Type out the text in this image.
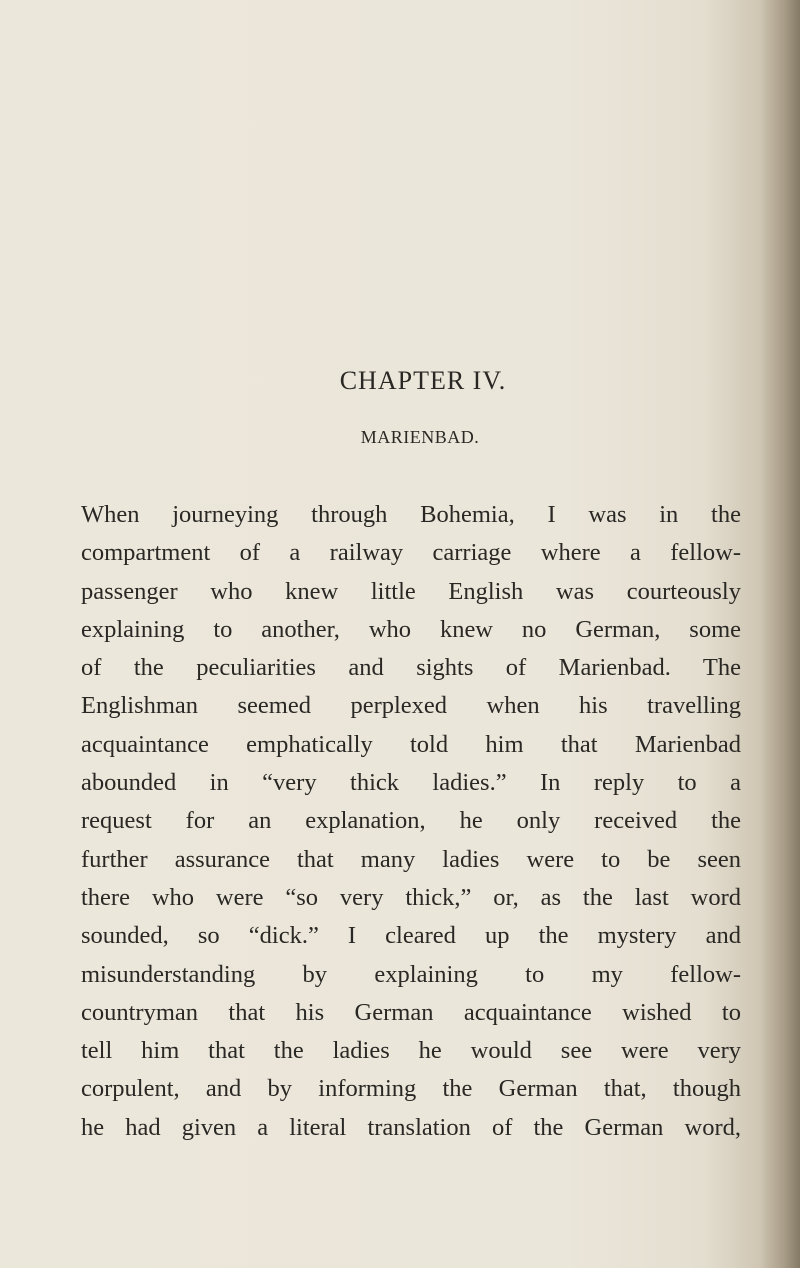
CHAPTER IV.
MARIENBAD.
When journeying through Bohemia, I was in the
compartment of a railway carriage where a fellow-
passenger who knew little English was courteously
explaining to another, who knew no German, some
of the peculiarities and sights of Marienbad. The
Englishman seemed perplexed when his travelling
acquaintance emphatically told him that Marienbad
abounded in “very thick ladies.” In reply to a
request for an explanation, he only received the
further assurance that many ladies were to be seen
there who were “so very thick,” or, as the last word
sounded, so “dick.” I cleared up the mystery and
misunderstanding by explaining to my fellow-
countryman that his German acquaintance wished to
tell him that the ladies he would see were very
corpulent, and by informing the German that, though
he had given a literal translation of the German word,
